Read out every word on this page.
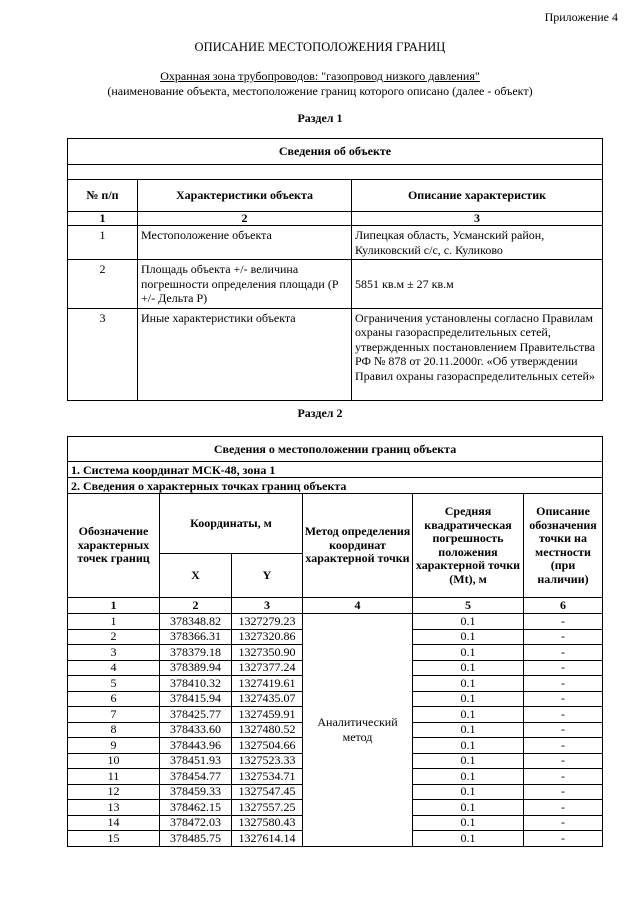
Приложение 4
ОПИСАНИЕ МЕСТОПОЛОЖЕНИЯ ГРАНИЦ
Охранная зона трубопроводов: "газопровод низкого давления"
(наименование объекта, местоположение границ которого описано (далее - объект)
Раздел 1
Сведения об объекте		

№ п/п	Характеристики объекта	Описание характеристик
1	2	3
1	Местоположение объекта	Липецкая область, Усманский район, Куликовский с/с, с. Куликово
2	Площадь объекта +/- величина погрешности определения площади (P +/- Дельта P)	5851 кв.м ± 27 кв.м
3	Иные характеристики объекта	Ограничения установлены согласно Правилам охраны газораспределительных сетей, утвержденных постановлением Правительства РФ № 878 от 20.11.2000г. «Об утверждении Правил охраны газораспределительных сетей»
Раздел 2
Сведения о местоположении границ объекта					
1. Система координат МСК-48, зона 1					
2. Сведения о характерных точках границ объекта					
Обозначение характерных точек границ	Координаты, м		Метод определения координат характерной точки	Средняя квадратическая погрешность положения характерной точки (Mt), м	Описание обозначения точки на местности (при наличии)
	X	Y			
1	2	3	4	5	6
1	378348.82	1327279.23	Аналитический метод	0.1	-
2	378366.31	1327320.86		0.1	-
3	378379.18	1327350.90		0.1	-
4	378389.94	1327377.24		0.1	-
5	378410.32	1327419.61		0.1	-
6	378415.94	1327435.07		0.1	-
7	378425.77	1327459.91		0.1	-
8	378433.60	1327480.52		0.1	-
9	378443.96	1327504.66		0.1	-
10	378451.93	1327523.33		0.1	-
11	378454.77	1327534.71		0.1	-
12	378459.33	1327547.45		0.1	-
13	378462.15	1327557.25		0.1	-
14	378472.03	1327580.43		0.1	-
15	378485.75	1327614.14		0.1	-
